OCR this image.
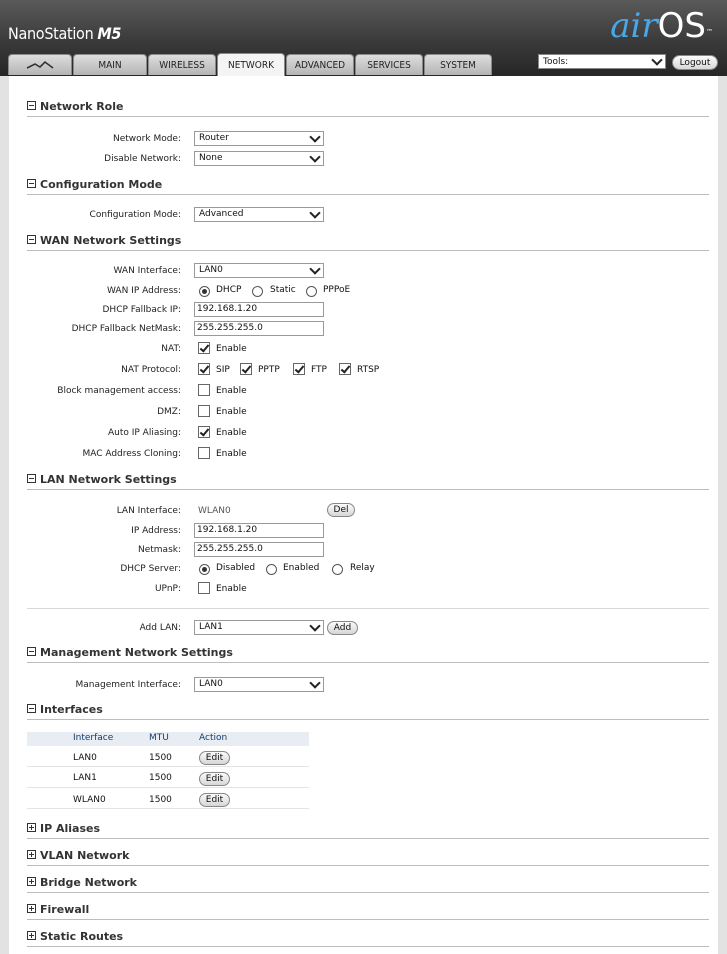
NanoStation M5	airOS™
MAIN	WIRELESS	NETWORK	ADVANCED	SERVICES	SYSTEM	Tools:	Logout
Network Role
Network Mode:	Router
Disable Network:	None
Configuration Mode
Configuration Mode:	Advanced
WAN Network Settings
WAN Interface:	LAN0
WAN IP Address:	DHCP	Static	PPPoE
DHCP Fallback IP:	192.168.1.20
DHCP Fallback NetMask:	255.255.255.0
NAT:	Enable
NAT Protocol:	SIP	PPTP	FTP	RTSP
Block management access:	Enable
DMZ:	Enable
Auto IP Aliasing:	Enable
MAC Address Cloning:	Enable
LAN Network Settings
LAN Interface: WLAN0	Del
IP Address:	192.168.1.20
Netmask:	255.255.255.0
DHCP Server:	Disabled	Enabled	Relay
UPnP:	Enable
Add LAN:	LAN1	Add
Management Network Settings
Management Interface:	LAN0
Interfaces
Interface	MTU	Action
LAN0	1500	Edit
LAN1	1500	Edit
WLAN0	1500	Edit
IP Aliases
VLAN Network
Bridge Network
Firewall
Static Routes
